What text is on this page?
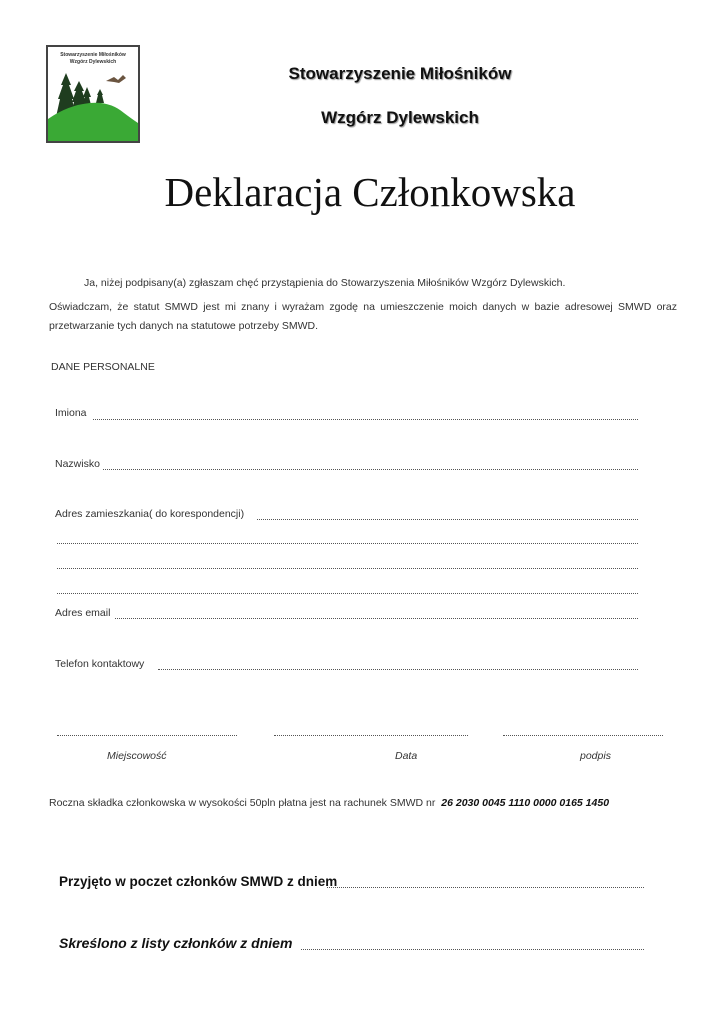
Stowarzyszenie Miłośników
Wzgórz Dylewskich
Stowarzyszenie Miłośników
Wzgórz Dylewskich
Deklaracja Członkowska
Ja, niżej podpisany(a) zgłaszam chęć przystąpienia do Stowarzyszenia Miłośników Wzgórz Dylewskich.
Oświadczam, że statut SMWD jest mi znany i wyrażam zgodę na umieszczenie moich danych w bazie adresowej SMWD oraz
przetwarzanie tych danych na statutowe potrzeby SMWD.
DANE PERSONALNE
Imiona
Nazwisko
Adres zamieszkania( do korespondencji)
Adres email
Telefon kontaktowy
Miejscowość	Data	podpis
Roczna składka członkowska w wysokości 50pln płatna jest na rachunek SMWD nr 26 2030 0045 1110 0000 0165 1450
Przyjęto w poczet członków SMWD z dniem
Skreślono z listy członków z dniem
